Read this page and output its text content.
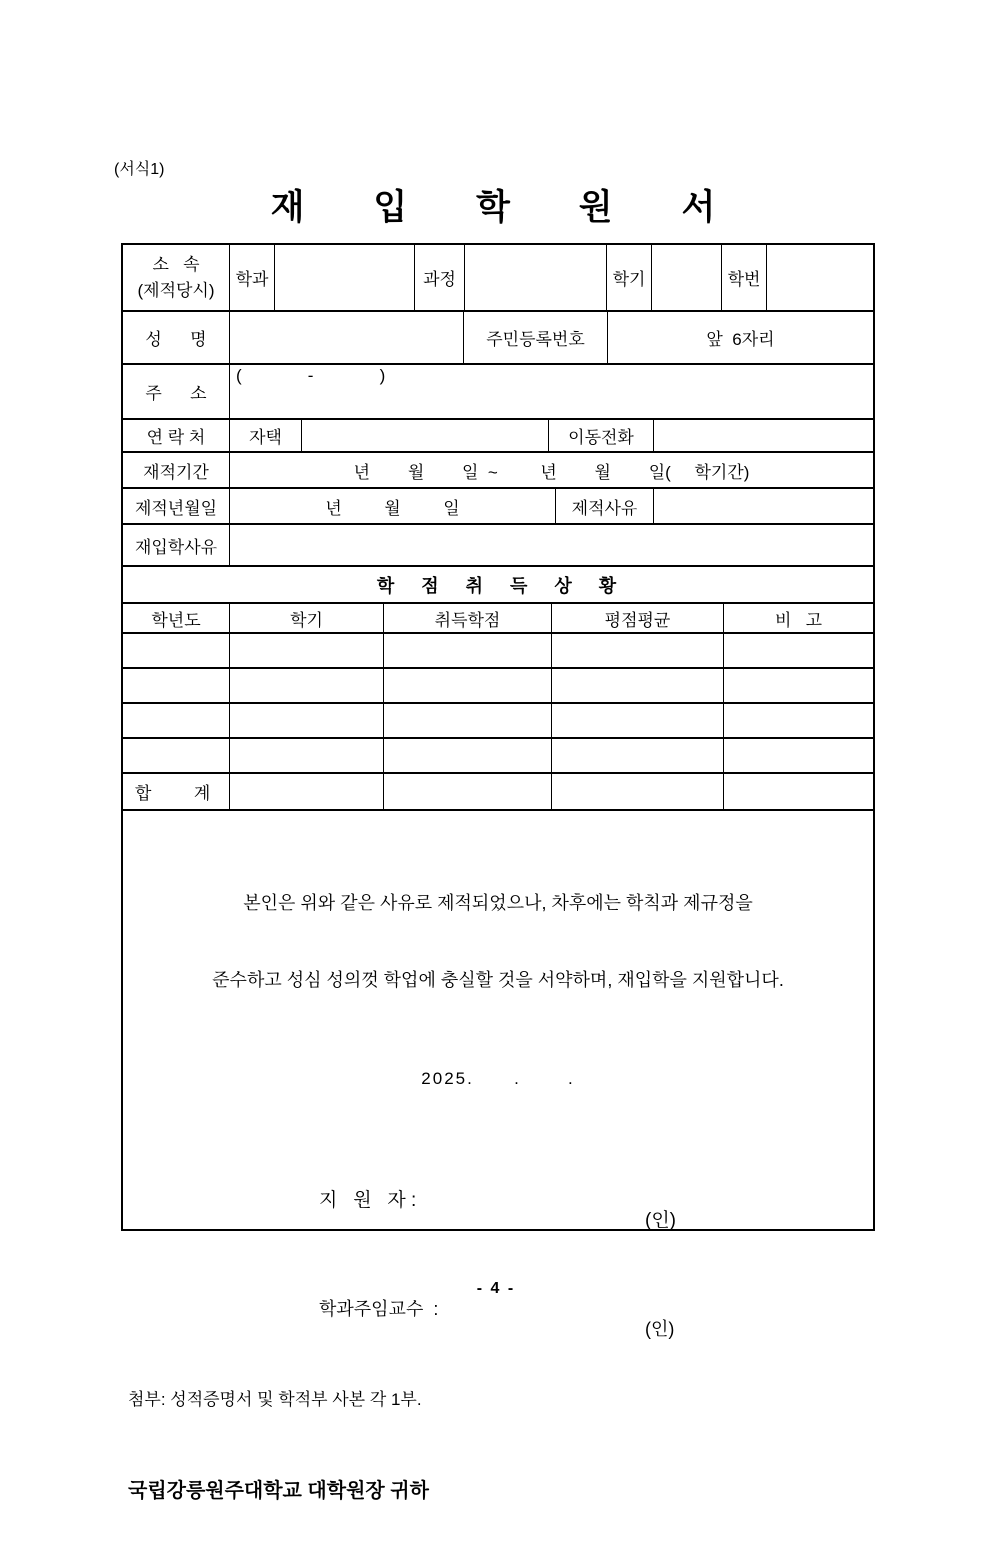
(서식1)
재    입    학    원    서
소   속
(제적당시)
학과	과정	학기	학번
성      명	주민등록번호	앞  6자리
주      소
(              -              )
연 락 처	자택	이동전화
재적기간	년        월        일  ~         년        월        일(     학기간)
제적년월일	년         월         일	제적사유
재입학사유
학   점   취   득   상   황
학년도	학기	취득학점	평점평균	비   고
합         계

본인은 위와 같은 사유로 제적되었으나, 차후에는 학칙과 제규정을

준수하고 성심 성의껏 학업에 충실할 것을 서약하며, 재입학을 지원합니다.

2025.      .       .

지   원   자 :

(인)

학과주임교수  :

(인)

첨부: 성적증명서 및 학적부 사본 각 1부.

국립강릉원주대학교 대학원장 귀하

- 4 -
